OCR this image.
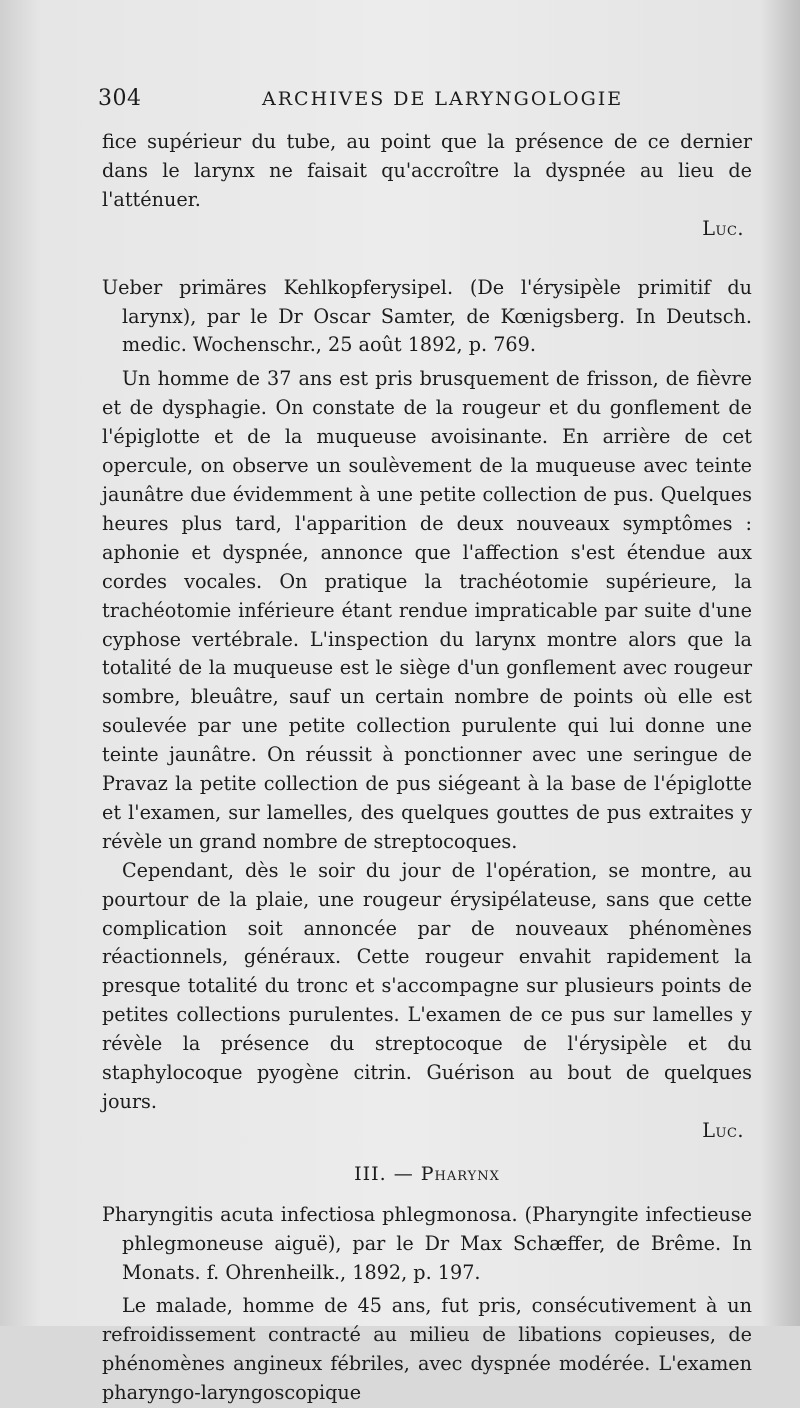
304	ARCHIVES DE LARYNGOLOGIE

fice supérieur du tube, au point que la présence de ce dernier dans le larynx ne faisait qu'accroître la dyspnée au lieu de l'atténuer.

Luc.

Ueber primäres Kehlkopferysipel. (De l'érysipèle primitif du larynx), par le Dr Oscar Samter, de Kœnigsberg. In Deutsch. medic. Wochenschr., 25 août 1892, p. 769.

Un homme de 37 ans est pris brusquement de frisson, de fièvre et de dysphagie. On constate de la rougeur et du gonflement de l'épiglotte et de la muqueuse avoisinante. En arrière de cet opercule, on observe un soulèvement de la muqueuse avec teinte jaunâtre due évidemment à une petite collection de pus. Quelques heures plus tard, l'apparition de deux nouveaux symptômes : aphonie et dyspnée, annonce que l'affection s'est étendue aux cordes vocales. On pratique la trachéotomie supérieure, la trachéotomie inférieure étant rendue impraticable par suite d'une cyphose vertébrale. L'inspection du larynx montre alors que la totalité de la muqueuse est le siège d'un gonflement avec rougeur sombre, bleuâtre, sauf un certain nombre de points où elle est soulevée par une petite collection purulente qui lui donne une teinte jaunâtre. On réussit à ponctionner avec une seringue de Pravaz la petite collection de pus siégeant à la base de l'épiglotte et l'examen, sur lamelles, des quelques gouttes de pus extraites y révèle un grand nombre de streptocoques.

Cependant, dès le soir du jour de l'opération, se montre, au pourtour de la plaie, une rougeur érysipélateuse, sans que cette complication soit annoncée par de nouveaux phénomènes réactionnels, généraux. Cette rougeur envahit rapidement la presque totalité du tronc et s'accompagne sur plusieurs points de petites collections purulentes. L'examen de ce pus sur lamelles y révèle la présence du streptocoque de l'érysipèle et du staphylocoque pyogène citrin. Guérison au bout de quelques jours.

Luc.

III. — Pharynx

Pharyngitis acuta infectiosa phlegmonosa. (Pharyngite infectieuse phlegmoneuse aiguë), par le Dr Max Schæffer, de Brême. In Monats. f. Ohrenheilk., 1892, p. 197.

Le malade, homme de 45 ans, fut pris, consécutivement à un refroidissement contracté au milieu de libations copieuses, de phénomènes angineux fébriles, avec dyspnée modérée. L'examen pharyngo-laryngoscopique
